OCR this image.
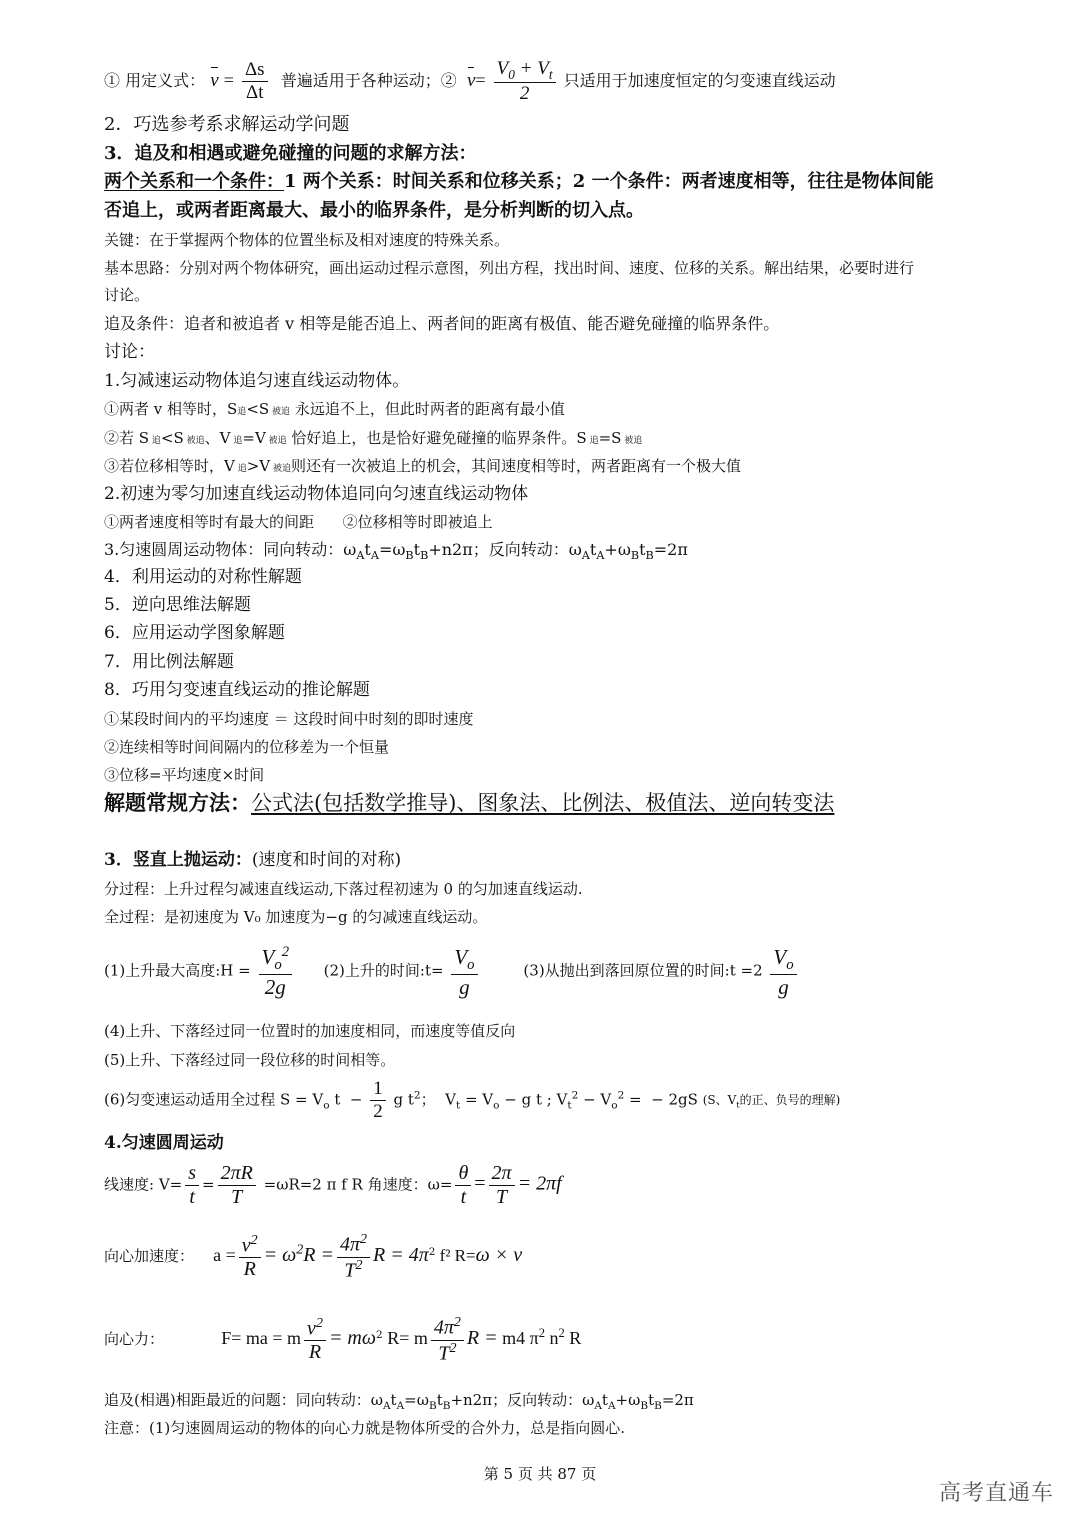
① 用定义式： $v = \frac{\Delta s}{\Delta t}$ 普遍适用于各种运动；② $v= \frac{V_0 + V_t}{2}$ 只适用于加速度恒定的匀变速直线运动
2．巧选参考系求解运动学问题
3．追及和相遇或避免碰撞的问题的求解方法：
两个关系和一个条件：1 两个关系：时间关系和位移关系；2 一个条件：两者速度相等，往往是物体间能
否追上，或两者距离最大、最小的临界条件，是分析判断的切入点。
关键：在于掌握两个物体的位置坐标及相对速度的特殊关系。
基本思路：分别对两个物体研究，画出运动过程示意图，列出方程，找出时间、速度、位移的关系。解出结果，必要时进行
讨论。
追及条件：追者和被追者 v 相等是能否追上、两者间的距离有极值、能否避免碰撞的临界条件。
讨论：
1.匀减速运动物体追匀速直线运动物体。
①两者 v 相等时，S追<S 被追 永远追不上，但此时两者的距离有最小值
②若 S 追<S 被追、V 追=V 被追 恰好追上，也是恰好避免碰撞的临界条件。S 追=S 被追
③若位移相等时，V 追>V 被追则还有一次被追上的机会，其间速度相等时，两者距离有一个极大值
2.初速为零匀加速直线运动物体追同向匀速直线运动物体
①两者速度相等时有最大的间距 ②位移相等时即被追上
3.匀速圆周运动物体：同向转动：$\omega_At_A=\omega_Bt_B+n2\pi$；反向转动：$\omega_At_A+\omega_Bt_B=2\pi$
4．利用运动的对称性解题
5．逆向思维法解题
6．应用运动学图象解题
7．用比例法解题
8．巧用匀变速直线运动的推论解题
①某段时间内的平均速度 ＝ 这段时间中时刻的即时速度
②连续相等时间间隔内的位移差为一个恒量
③位移=平均速度×时间
解题常规方法：公式法(包括数学推导)、图象法、比例法、极值法、逆向转变法
3．竖直上抛运动：(速度和时间的对称)
分过程：上升过程匀减速直线运动,下落过程初速为 0 的匀加速直线运动.
全过程：是初速度为 V₀ 加速度为−g 的匀减速直线运动。
(1)上升最大高度:H = $\frac{V_o^2}{2g} (2)$上升的时间:t= $\frac{V_o}{g}$	(3)从抛出到落回原位置的时间:t $=2 \frac{V_o}{g}$
(4)上升、下落经过同一位置时的加速度相同，而速度等值反向
(5)上升、下落经过同一段位移的时间相等。
(6)匀变速运动适用全过程 $S = V_o$ $t - \frac{1}{2}$ g $t^2$；  $V_t = V_o - g$ t ; $V_t^2 - V_o^2$ =  − 2gS (S、$V_t$的正、负号的理解)
4.匀速圆周运动
线速度: $V= \frac{s}{t} = \frac{2\pi R}{T} =\omega R=2$ π f R 角速度：$\omega= \frac{\theta}{t} = \frac{2\pi}{T} = 2\pi f$
向心加速度： $a = \frac{v^2}{R} = \omega^2R = \frac{4\pi^2}{T^2}$ $R = 4\pi^2$ f² R=ω × v
向心力：	F= ma = m $\frac{v^2}{R} = m\omega^2$ R= m $\frac{4\pi^2}{T^2}$ R = m4 $\pi^2$ $n^2$ R
追及(相遇)相距最近的问题：同向转动：$\omega_At_A=\omega_Bt_B+n2\pi$；反向转动：$\omega_At_A+\omega_Bt_B=2\pi$
注意：(1)匀速圆周运动的物体的向心力就是物体所受的合外力，总是指向圆心.
第 5 页 共 87 页
高考直通车
